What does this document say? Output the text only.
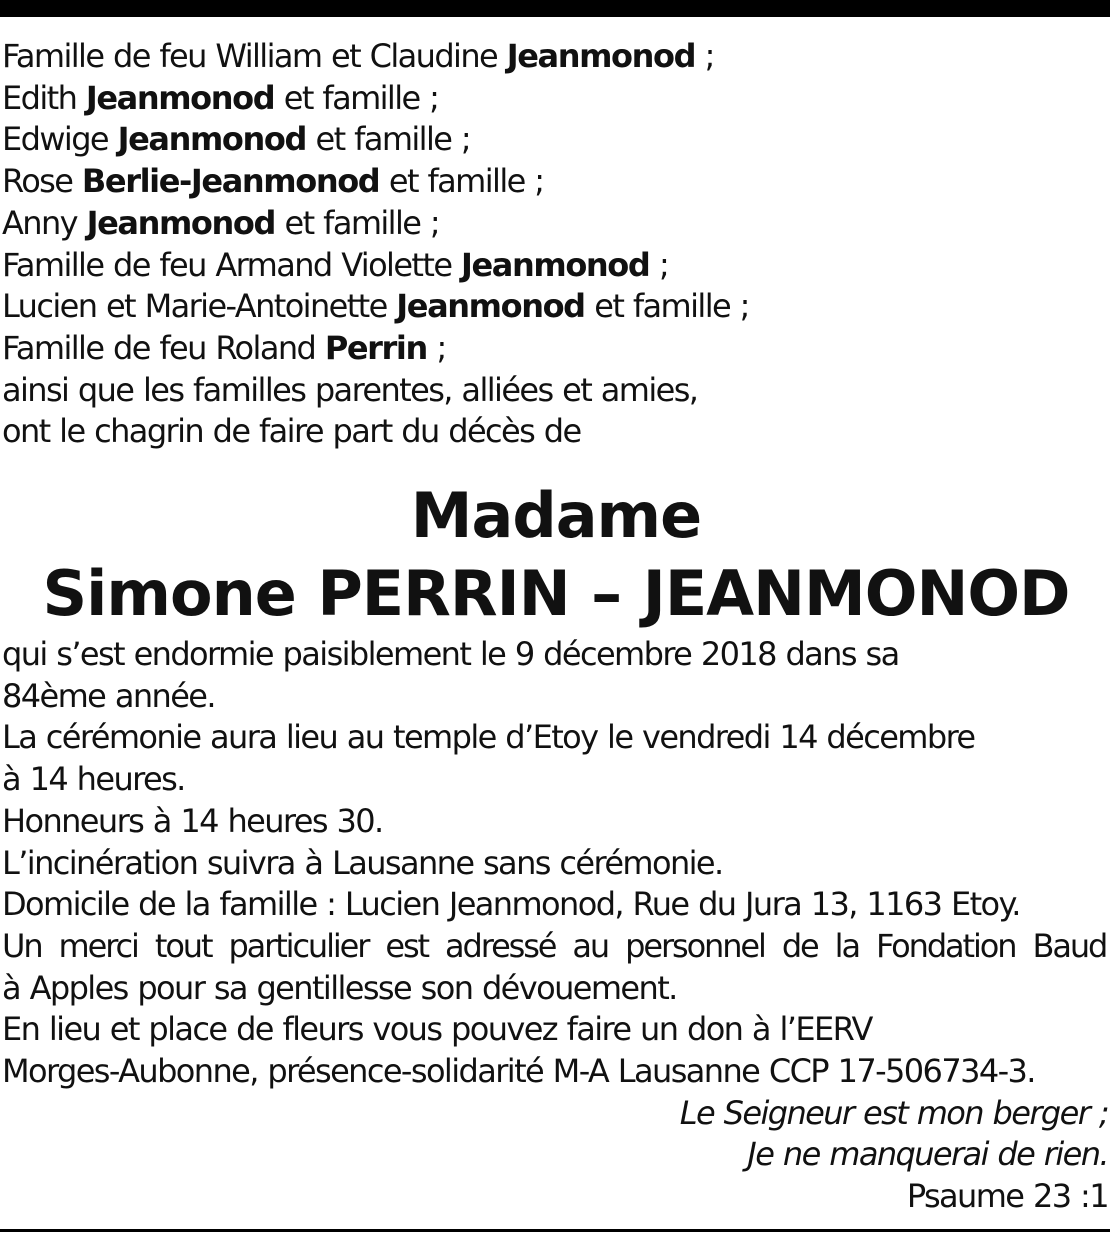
Famille de feu William et Claudine Jeanmonod ;
Edith Jeanmonod et famille ;
Edwige Jeanmonod et famille ;
Rose Berlie-Jeanmonod et famille ;
Anny Jeanmonod et famille ;
Famille de feu Armand Violette Jeanmonod ;
Lucien et Marie-Antoinette Jeanmonod et famille ;
Famille de feu Roland Perrin ;
ainsi que les familles parentes, alliées et amies,
ont le chagrin de faire part du décès de
Madame
Simone PERRIN – JEANMONOD
qui s’est endormie paisiblement le 9 décembre 2018 dans sa
84ème année.
La cérémonie aura lieu au temple d’Etoy le vendredi 14 décembre
à 14 heures.
Honneurs à 14 heures 30.
L’incinération suivra à Lausanne sans cérémonie.
Domicile de la famille : Lucien Jeanmonod, Rue du Jura 13, 1163 Etoy.
Un merci tout particulier est adressé au personnel de la Fondation Baud
à Apples pour sa gentillesse son dévouement.
En lieu et place de fleurs vous pouvez faire un don à l’EERV
Morges-Aubonne, présence-solidarité M-A Lausanne CCP 17-506734-3.
Le Seigneur est mon berger ;
Je ne manquerai de rien.
Psaume 23 :1
